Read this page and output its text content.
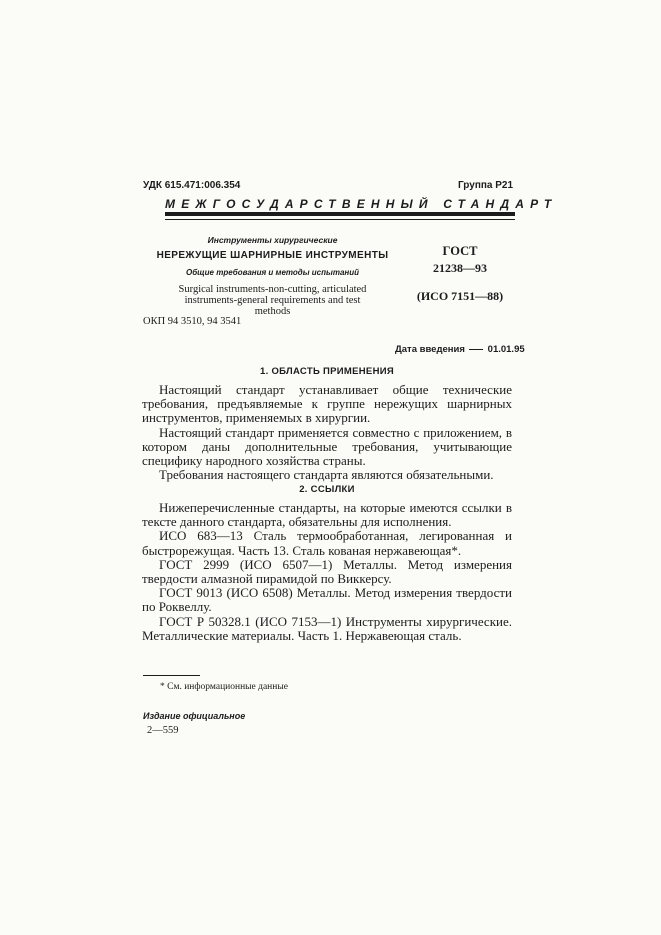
УДК 615.471:006.354	Группа Р21
МЕЖГОСУДАРСТВЕННЫЙ СТАНДАРТ
Инструменты хирургические
НЕРЕЖУЩИЕ ШАРНИРНЫЕ ИНСТРУМЕНТЫ
Общие требования и методы испытаний
Surgical instruments-non-cutting, articulated
instruments-general requirements and test
methods
ОКП 94 3510, 94 3541
ГОСТ
21238—93
(ИСО 7151—88)
Дата введения 01.01.95
1. ОБЛАСТЬ ПРИМЕНЕНИЯ

Настоящий стандарт устанавливает общие технические требования, предъявляемые к группе нережущих шарнирных инструментов, применяемых в хирургии.

Настоящий стандарт применяется совместно с приложением, в котором даны дополнительные требования, учитывающие специфику народного хозяйства страны.

Требования настоящего стандарта являются обязательными.

2. ССЫЛКИ

Нижеперечисленные стандарты, на которые имеются ссылки в тексте данного стандарта, обязательны для исполнения.

ИСО 683—13 Сталь термообработанная, легированная и быстрорежущая. Часть 13. Сталь кованая нержавеющая*.

ГОСТ 2999 (ИСО 6507—1) Металлы. Метод измерения твердости алмазной пирамидой по Виккерсу.

ГОСТ 9013 (ИСО 6508) Металлы. Метод измерения твердости по Роквеллу.

ГОСТ Р 50328.1 (ИСО 7153—1) Инструменты хирургические. Металлические материалы. Часть 1. Нержавеющая сталь.

* См. информационные данные
Издание официальное
2—559
